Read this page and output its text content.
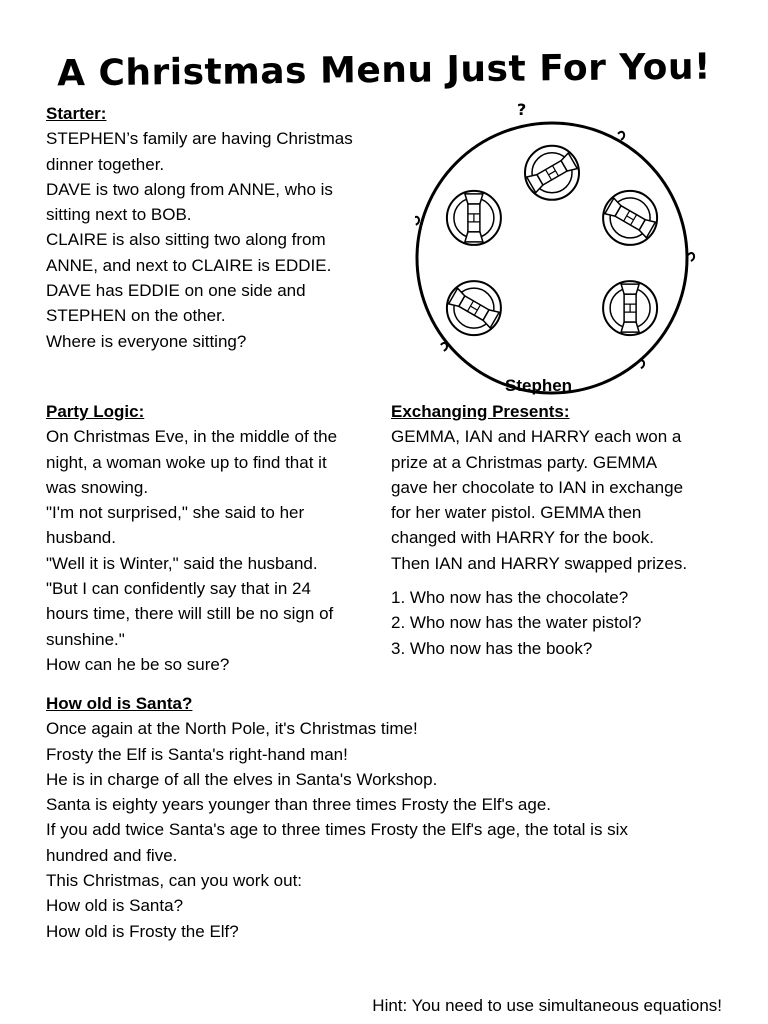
A Christmas Menu Just For You!
Starter:
STEPHEN’s family are having Christmas
dinner together.
DAVE is two along from ANNE, who is
sitting next to BOB.
CLAIRE is also sitting two along from
ANNE, and next to CLAIRE is EDDIE.
DAVE has EDDIE on one side and
STEPHEN on the other.
Where is everyone sitting?
?
Stephen
Party Logic:
On Christmas Eve, in the middle of the
night, a woman woke up to find that it
was snowing.
"I'm not surprised," she said to her
husband.
"Well it is Winter," said the husband.
"But I can confidently say that in 24
hours time, there will still be no sign of
sunshine."
How can he be so sure?
Exchanging Presents:
GEMMA, IAN and HARRY each won a
prize at a Christmas party. GEMMA
gave her chocolate to IAN in exchange
for her water pistol. GEMMA then
changed with HARRY for the book.
Then IAN and HARRY swapped prizes.
1. Who now has the chocolate?
2. Who now has the water pistol?
3. Who now has the book?
How old is Santa?
Once again at the North Pole, it's Christmas time!
Frosty the Elf is Santa's right-hand man!
He is in charge of all the elves in Santa's Workshop.
Santa is eighty years younger than three times Frosty the Elf's age.
If you add twice Santa's age to three times Frosty the Elf's age, the total is six
hundred and five.
This Christmas, can you work out:
How old is Santa?
How old is Frosty the Elf?
Hint: You need to use simultaneous equations!
